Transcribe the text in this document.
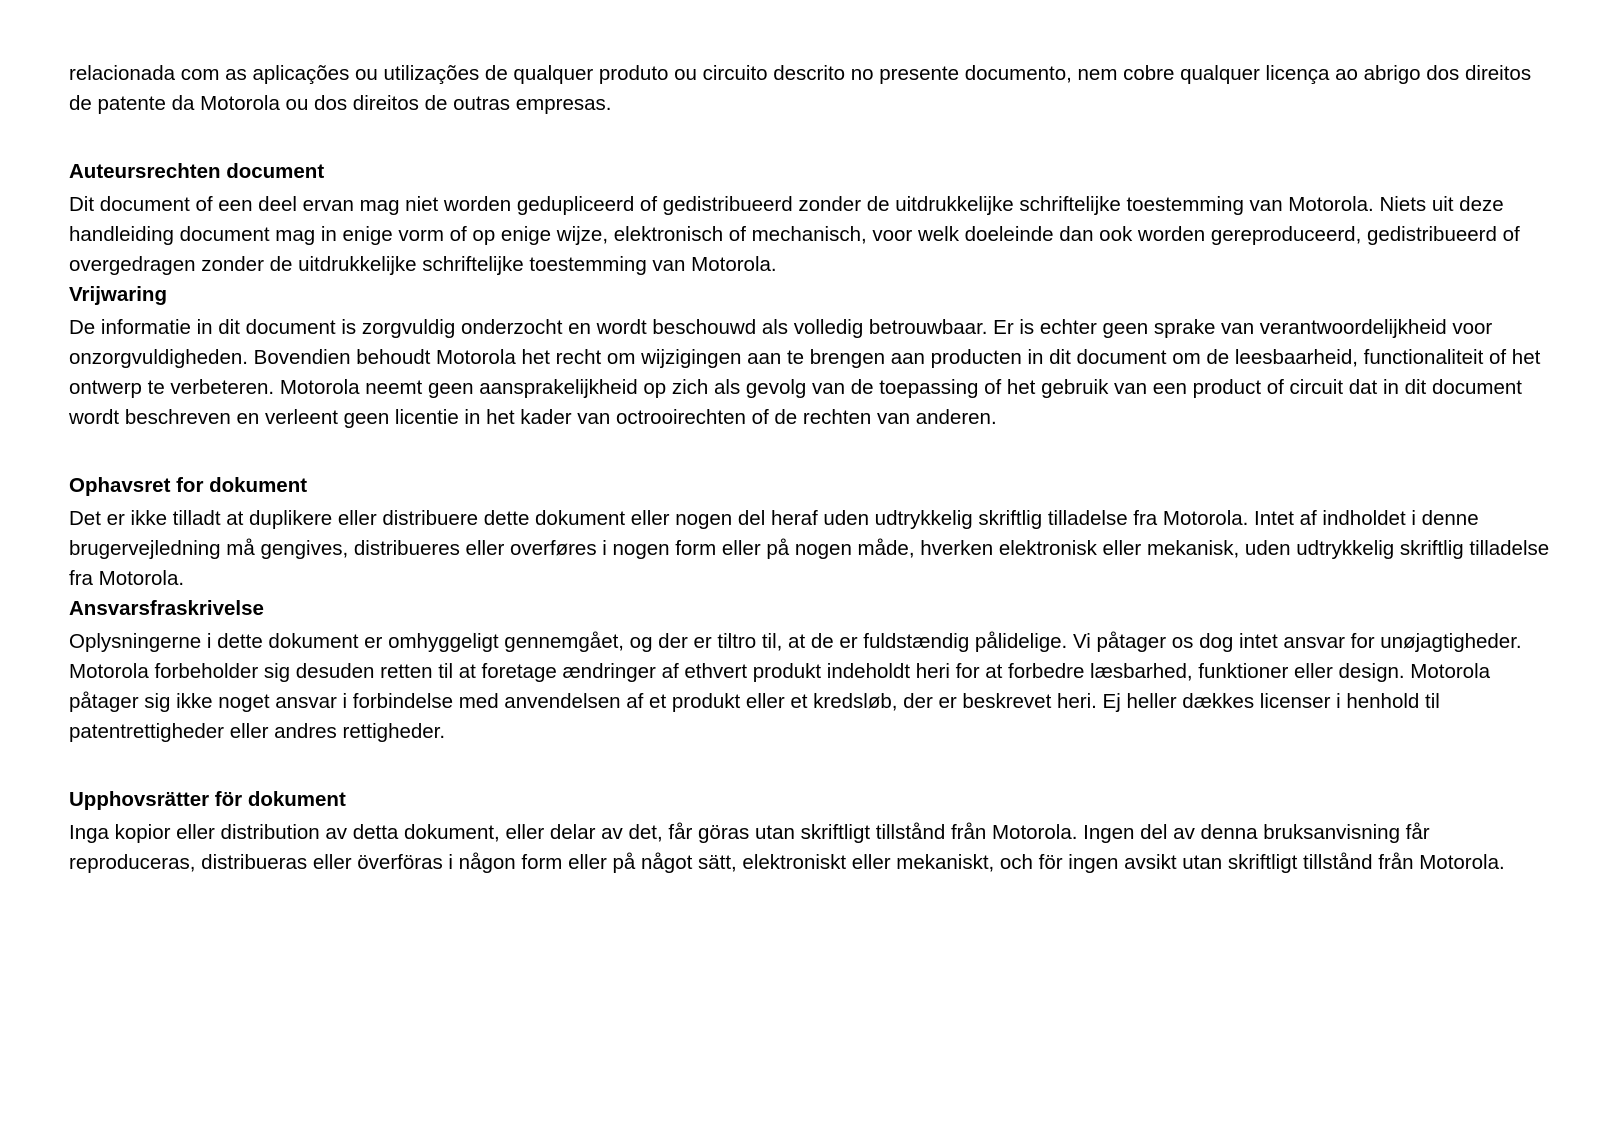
relacionada com as aplicações ou utilizações de qualquer produto ou circuito descrito no presente documento, nem cobre qualquer licença ao abrigo dos direitos de patente da Motorola ou dos direitos de outras empresas.

Auteursrechten document

Dit document of een deel ervan mag niet worden gedupliceerd of gedistribueerd zonder de uitdrukkelijke schriftelijke toestemming van Motorola. Niets uit deze handleiding document mag in enige vorm of op enige wijze, elektronisch of mechanisch, voor welk doeleinde dan ook worden gereproduceerd, gedistribueerd of overgedragen zonder de uitdrukkelijke schriftelijke toestemming van Motorola.

Vrijwaring

De informatie in dit document is zorgvuldig onderzocht en wordt beschouwd als volledig betrouwbaar. Er is echter geen sprake van verantwoordelijkheid voor onzorgvuldigheden. Bovendien behoudt Motorola het recht om wijzigingen aan te brengen aan producten in dit document om de leesbaarheid, functionaliteit of het ontwerp te verbeteren. Motorola neemt geen aansprakelijkheid op zich als gevolg van de toepassing of het gebruik van een product of circuit dat in dit document wordt beschreven en verleent geen licentie in het kader van octrooirechten of de rechten van anderen.

Ophavsret for dokument

Det er ikke tilladt at duplikere eller distribuere dette dokument eller nogen del heraf uden udtrykkelig skriftlig tilladelse fra Motorola. Intet af indholdet i denne brugervejledning må gengives, distribueres eller overføres i nogen form eller på nogen måde, hverken elektronisk eller mekanisk, uden udtrykkelig skriftlig tilladelse fra Motorola.

Ansvarsfraskrivelse

Oplysningerne i dette dokument er omhyggeligt gennemgået, og der er tiltro til, at de er fuldstændig pålidelige. Vi påtager os dog intet ansvar for unøjagtigheder. Motorola forbeholder sig desuden retten til at foretage ændringer af ethvert produkt indeholdt heri for at forbedre læsbarhed, funktioner eller design. Motorola påtager sig ikke noget ansvar i forbindelse med anvendelsen af et produkt eller et kredsløb, der er beskrevet heri. Ej heller dækkes licenser i henhold til patentrettigheder eller andres rettigheder.

Upphovsrätter för dokument

Inga kopior eller distribution av detta dokument, eller delar av det, får göras utan skriftligt tillstånd från Motorola. Ingen del av denna bruksanvisning får reproduceras, distribueras eller överföras i någon form eller på något sätt, elektroniskt eller mekaniskt, och för ingen avsikt utan skriftligt tillstånd från Motorola.
